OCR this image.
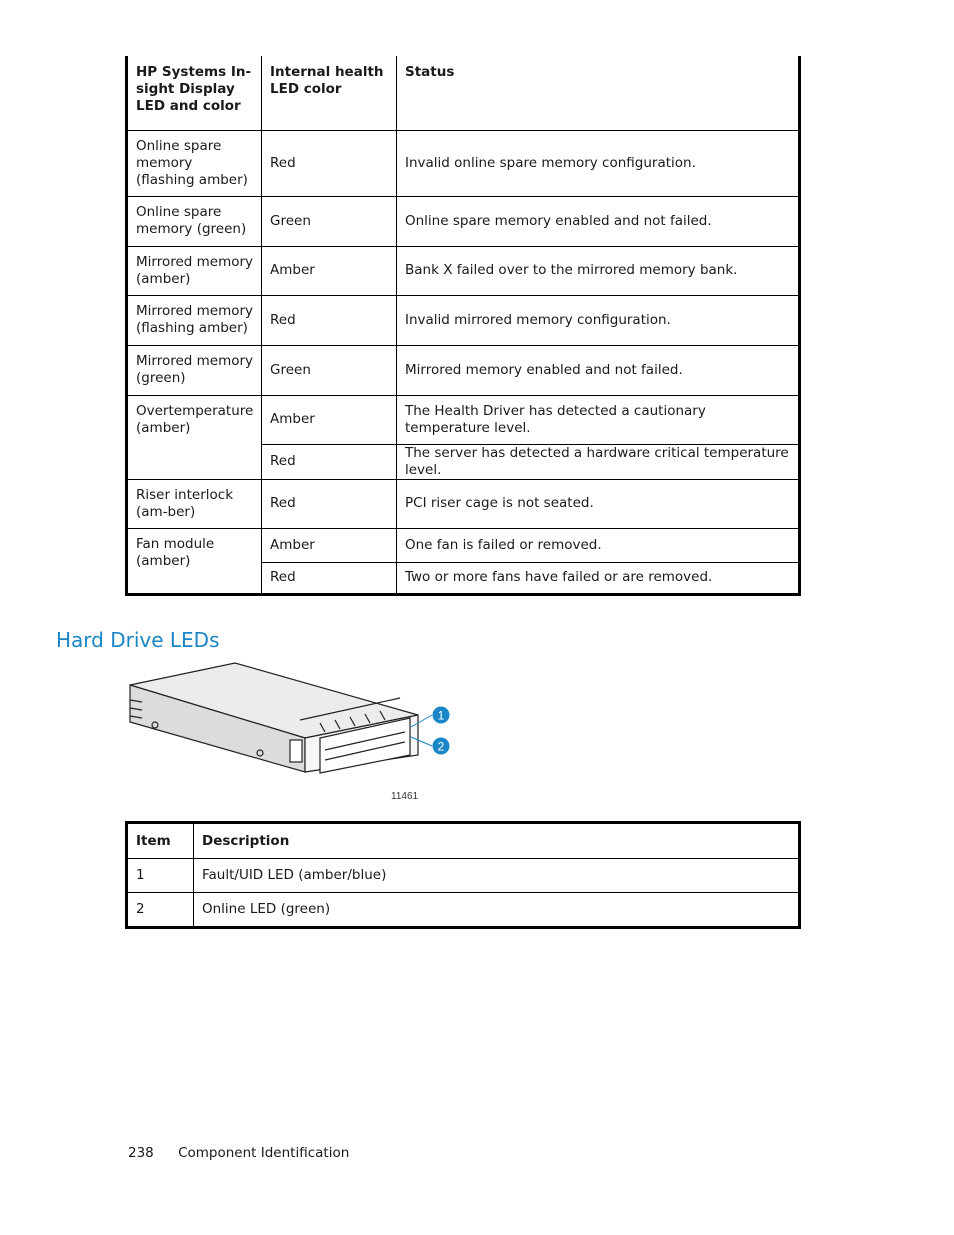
HP Systems In-sight Display LED and color	Internal health LED color	Status
Online spare memory (flashing amber)	Red	Invalid online spare memory configuration.
Online spare memory (green)	Green	Online spare memory enabled and not failed.
Mirrored memory (amber)	Amber	Bank X failed over to the mirrored memory bank.
Mirrored memory (flashing amber)	Red	Invalid mirrored memory configuration.
Mirrored memory (green)	Green	Mirrored memory enabled and not failed.
Overtemperature (amber)	Amber	The Health Driver has detected a cautionary temperature level.
	Red	The server has detected a hardware critical temperature level.
Riser interlock (am-ber)	Red	PCI riser cage is not seated.
Fan module (amber)	Amber	One fan is failed or removed.
	Red	Two or more fans have failed or are removed.
Hard Drive LEDs
1
2
11461
Item	Description
1	Fault/UID LED (amber/blue)
2	Online LED (green)
238 Component Identification
